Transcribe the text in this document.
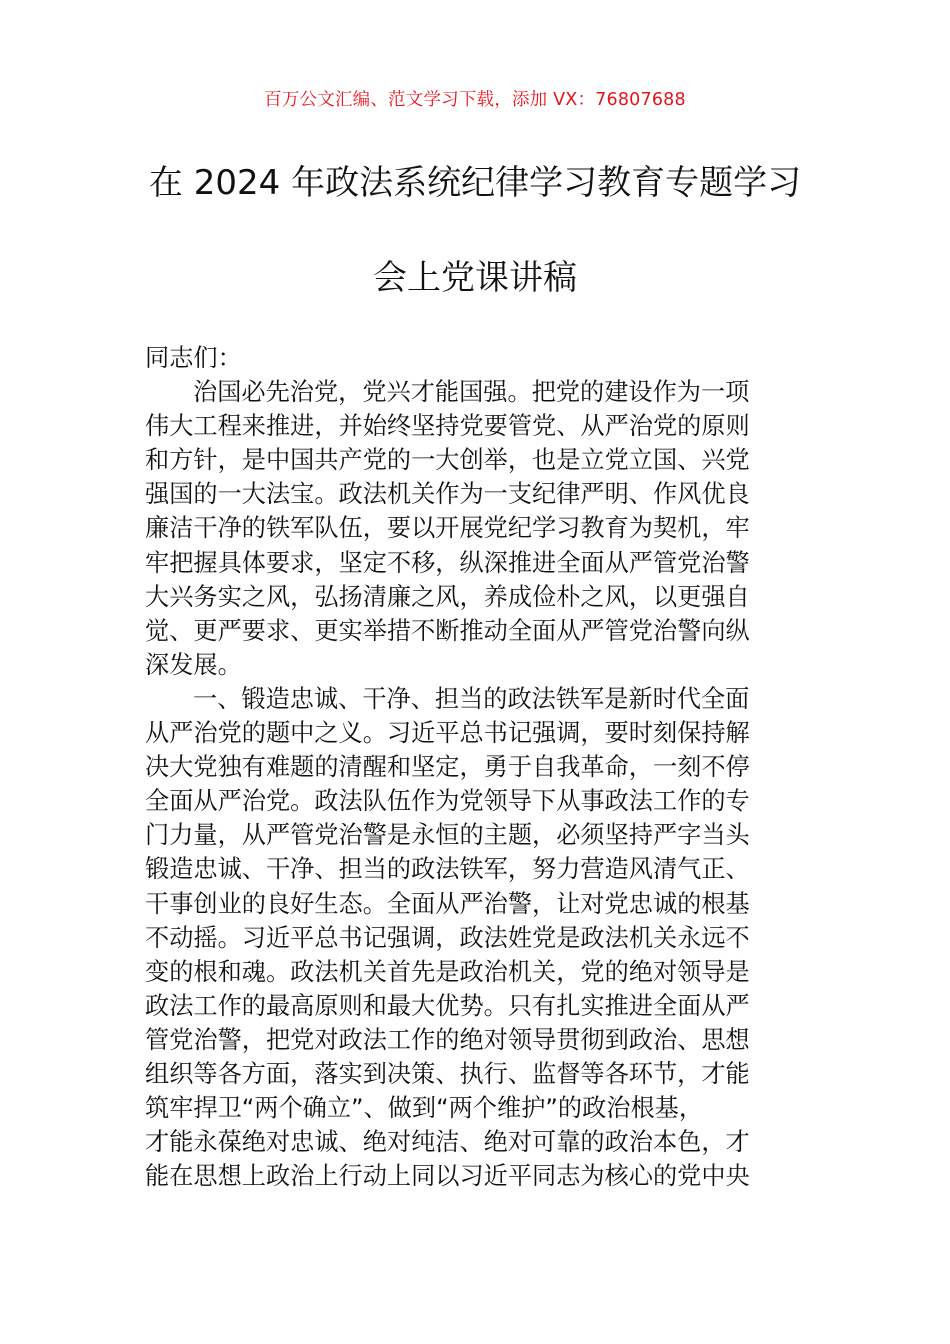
百万公文汇编、范文学习下载，添加 VX：76807688
在 2024 年政法系统纪律学习教育专题学习
会上党课讲稿
同志们：
治国必先治党，党兴才能国强。把党的建设作为一项
伟大工程来推进，并始终坚持党要管党、从严治党的原则
和方针，是中国共产党的一大创举，也是立党立国、兴党
强国的一大法宝。政法机关作为一支纪律严明、作风优良
廉洁干净的铁军队伍，要以开展党纪学习教育为契机，牢
牢把握具体要求，坚定不移，纵深推进全面从严管党治警
大兴务实之风，弘扬清廉之风，养成俭朴之风，以更强自
觉、更严要求、更实举措不断推动全面从严管党治警向纵
深发展。
一、锻造忠诚、干净、担当的政法铁军是新时代全面
从严治党的题中之义。习近平总书记强调，要时刻保持解
决大党独有难题的清醒和坚定，勇于自我革命，一刻不停
全面从严治党。政法队伍作为党领导下从事政法工作的专
门力量，从严管党治警是永恒的主题，必须坚持严字当头
锻造忠诚、干净、担当的政法铁军，努力营造风清气正、
干事创业的良好生态。全面从严治警，让对党忠诚的根基
不动摇。习近平总书记强调，政法姓党是政法机关永远不
变的根和魂。政法机关首先是政治机关，党的绝对领导是
政法工作的最高原则和最大优势。只有扎实推进全面从严
管党治警，把党对政法工作的绝对领导贯彻到政治、思想
组织等各方面，落实到决策、执行、监督等各环节，才能
筑牢捍卫“两个确立”、做到“两个维护”的政治根基，
才能永葆绝对忠诚、绝对纯洁、绝对可靠的政治本色，才
能在思想上政治上行动上同以习近平同志为核心的党中央
